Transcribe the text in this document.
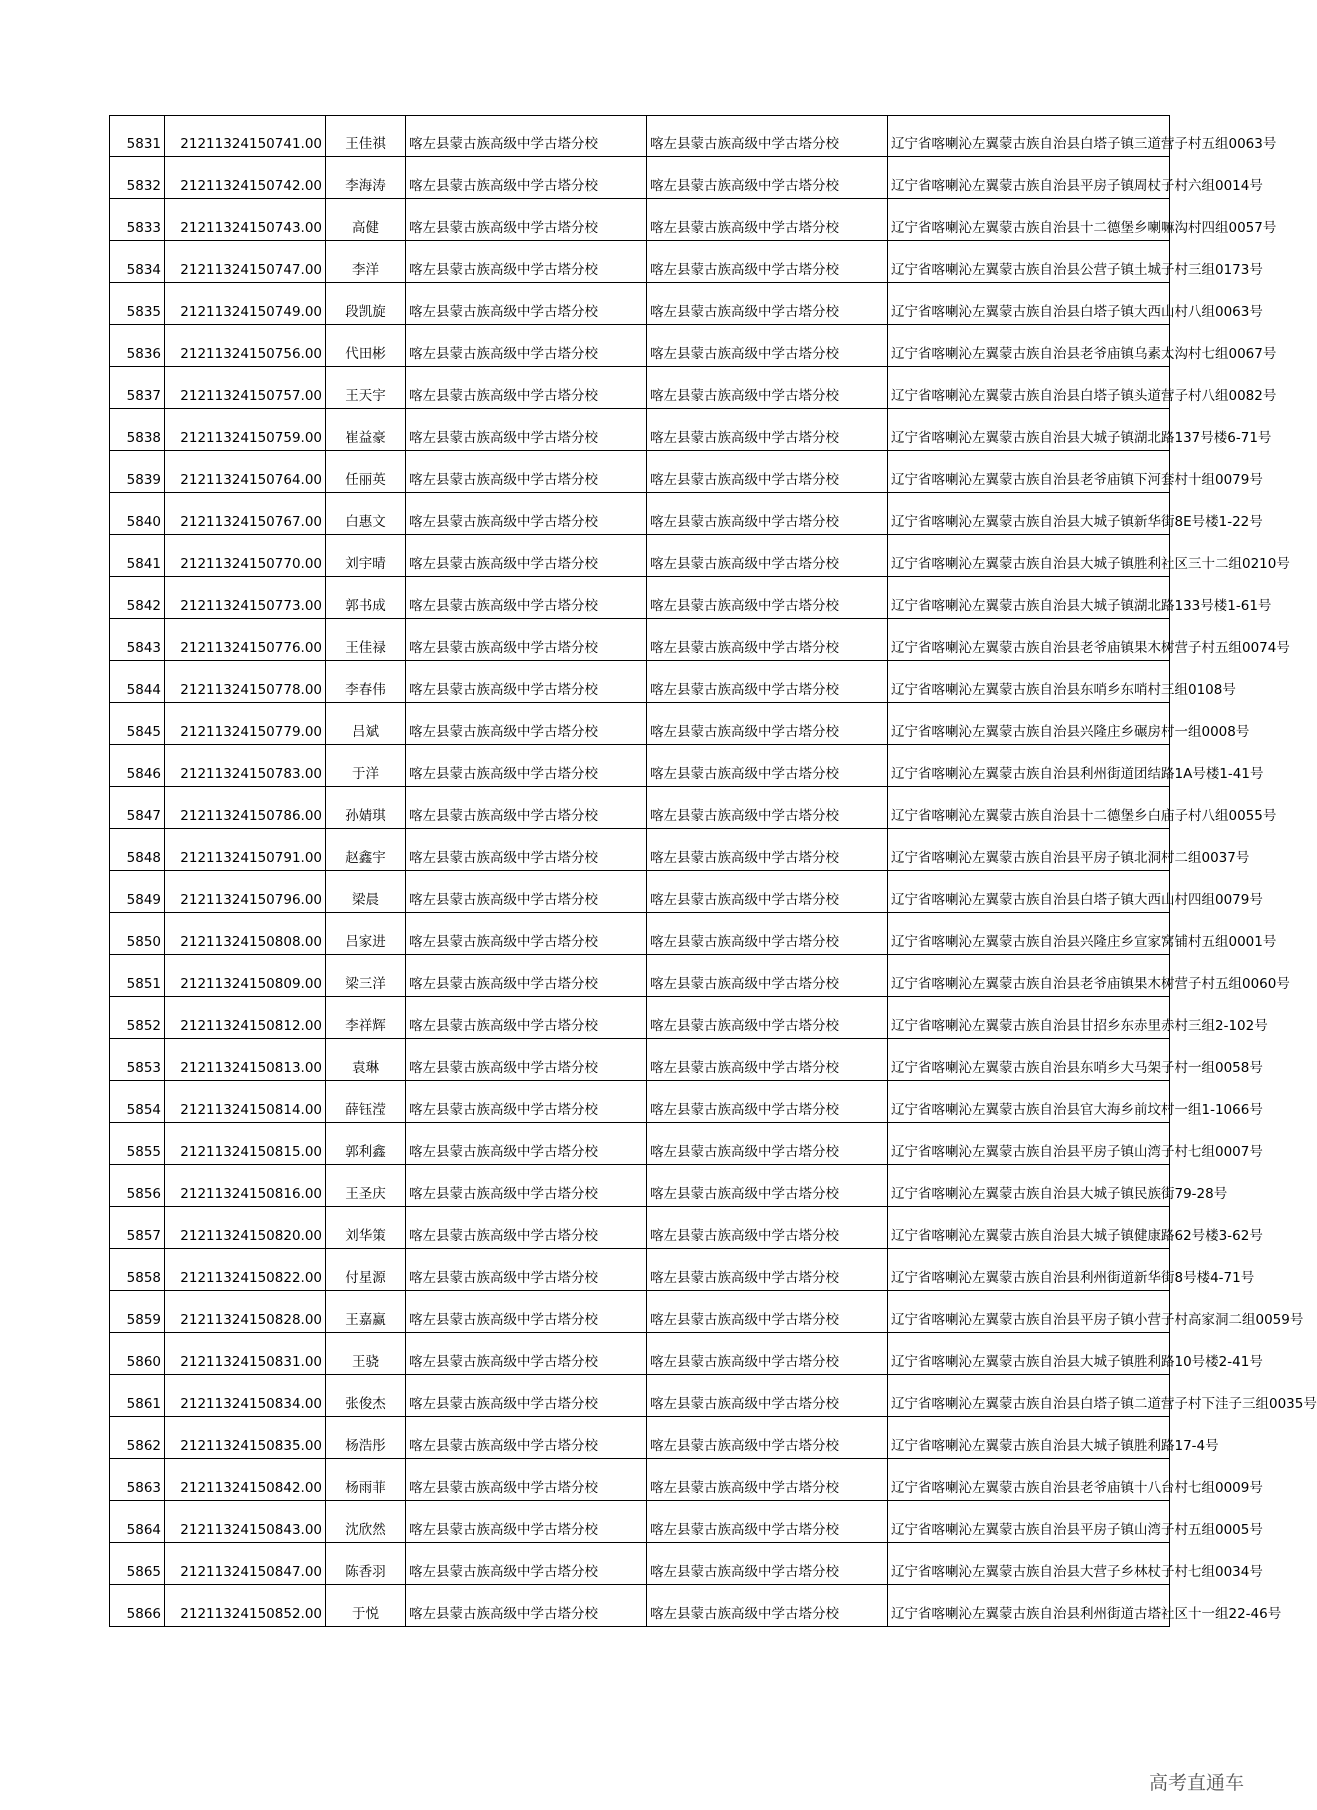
5831	21211324150741.00	王佳祺	喀左县蒙古族高级中学古塔分校	喀左县蒙古族高级中学古塔分校	辽宁省喀喇沁左翼蒙古族自治县白塔子镇三道营子村五组0063号
5832	21211324150742.00	李海涛	喀左县蒙古族高级中学古塔分校	喀左县蒙古族高级中学古塔分校	辽宁省喀喇沁左翼蒙古族自治县平房子镇周杖子村六组0014号
5833	21211324150743.00	高健	喀左县蒙古族高级中学古塔分校	喀左县蒙古族高级中学古塔分校	辽宁省喀喇沁左翼蒙古族自治县十二德堡乡喇嘛沟村四组0057号
5834	21211324150747.00	李洋	喀左县蒙古族高级中学古塔分校	喀左县蒙古族高级中学古塔分校	辽宁省喀喇沁左翼蒙古族自治县公营子镇土城子村三组0173号
5835	21211324150749.00	段凯旋	喀左县蒙古族高级中学古塔分校	喀左县蒙古族高级中学古塔分校	辽宁省喀喇沁左翼蒙古族自治县白塔子镇大西山村八组0063号
5836	21211324150756.00	代田彬	喀左县蒙古族高级中学古塔分校	喀左县蒙古族高级中学古塔分校	辽宁省喀喇沁左翼蒙古族自治县老爷庙镇乌素太沟村七组0067号
5837	21211324150757.00	王天宇	喀左县蒙古族高级中学古塔分校	喀左县蒙古族高级中学古塔分校	辽宁省喀喇沁左翼蒙古族自治县白塔子镇头道营子村八组0082号
5838	21211324150759.00	崔益豪	喀左县蒙古族高级中学古塔分校	喀左县蒙古族高级中学古塔分校	辽宁省喀喇沁左翼蒙古族自治县大城子镇湖北路137号楼6-71号
5839	21211324150764.00	任丽英	喀左县蒙古族高级中学古塔分校	喀左县蒙古族高级中学古塔分校	辽宁省喀喇沁左翼蒙古族自治县老爷庙镇下河套村十组0079号
5840	21211324150767.00	白惠文	喀左县蒙古族高级中学古塔分校	喀左县蒙古族高级中学古塔分校	辽宁省喀喇沁左翼蒙古族自治县大城子镇新华街8E号楼1-22号
5841	21211324150770.00	刘宇晴	喀左县蒙古族高级中学古塔分校	喀左县蒙古族高级中学古塔分校	辽宁省喀喇沁左翼蒙古族自治县大城子镇胜利社区三十二组0210号
5842	21211324150773.00	郭书成	喀左县蒙古族高级中学古塔分校	喀左县蒙古族高级中学古塔分校	辽宁省喀喇沁左翼蒙古族自治县大城子镇湖北路133号楼1-61号
5843	21211324150776.00	王佳禄	喀左县蒙古族高级中学古塔分校	喀左县蒙古族高级中学古塔分校	辽宁省喀喇沁左翼蒙古族自治县老爷庙镇果木树营子村五组0074号
5844	21211324150778.00	李春伟	喀左县蒙古族高级中学古塔分校	喀左县蒙古族高级中学古塔分校	辽宁省喀喇沁左翼蒙古族自治县东哨乡东哨村三组0108号
5845	21211324150779.00	吕斌	喀左县蒙古族高级中学古塔分校	喀左县蒙古族高级中学古塔分校	辽宁省喀喇沁左翼蒙古族自治县兴隆庄乡碾房村一组0008号
5846	21211324150783.00	于洋	喀左县蒙古族高级中学古塔分校	喀左县蒙古族高级中学古塔分校	辽宁省喀喇沁左翼蒙古族自治县利州街道团结路1A号楼1-41号
5847	21211324150786.00	孙婧琪	喀左县蒙古族高级中学古塔分校	喀左县蒙古族高级中学古塔分校	辽宁省喀喇沁左翼蒙古族自治县十二德堡乡白庙子村八组0055号
5848	21211324150791.00	赵鑫宇	喀左县蒙古族高级中学古塔分校	喀左县蒙古族高级中学古塔分校	辽宁省喀喇沁左翼蒙古族自治县平房子镇北洞村二组0037号
5849	21211324150796.00	梁晨	喀左县蒙古族高级中学古塔分校	喀左县蒙古族高级中学古塔分校	辽宁省喀喇沁左翼蒙古族自治县白塔子镇大西山村四组0079号
5850	21211324150808.00	吕家进	喀左县蒙古族高级中学古塔分校	喀左县蒙古族高级中学古塔分校	辽宁省喀喇沁左翼蒙古族自治县兴隆庄乡宣家窝铺村五组0001号
5851	21211324150809.00	梁三洋	喀左县蒙古族高级中学古塔分校	喀左县蒙古族高级中学古塔分校	辽宁省喀喇沁左翼蒙古族自治县老爷庙镇果木树营子村五组0060号
5852	21211324150812.00	李祥辉	喀左县蒙古族高级中学古塔分校	喀左县蒙古族高级中学古塔分校	辽宁省喀喇沁左翼蒙古族自治县甘招乡东赤里赤村三组2-102号
5853	21211324150813.00	袁琳	喀左县蒙古族高级中学古塔分校	喀左县蒙古族高级中学古塔分校	辽宁省喀喇沁左翼蒙古族自治县东哨乡大马架子村一组0058号
5854	21211324150814.00	薛钰滢	喀左县蒙古族高级中学古塔分校	喀左县蒙古族高级中学古塔分校	辽宁省喀喇沁左翼蒙古族自治县官大海乡前坟村一组1-1066号
5855	21211324150815.00	郭利鑫	喀左县蒙古族高级中学古塔分校	喀左县蒙古族高级中学古塔分校	辽宁省喀喇沁左翼蒙古族自治县平房子镇山湾子村七组0007号
5856	21211324150816.00	王圣庆	喀左县蒙古族高级中学古塔分校	喀左县蒙古族高级中学古塔分校	辽宁省喀喇沁左翼蒙古族自治县大城子镇民族街79-28号
5857	21211324150820.00	刘华策	喀左县蒙古族高级中学古塔分校	喀左县蒙古族高级中学古塔分校	辽宁省喀喇沁左翼蒙古族自治县大城子镇健康路62号楼3-62号
5858	21211324150822.00	付星源	喀左县蒙古族高级中学古塔分校	喀左县蒙古族高级中学古塔分校	辽宁省喀喇沁左翼蒙古族自治县利州街道新华街8号楼4-71号
5859	21211324150828.00	王嘉赢	喀左县蒙古族高级中学古塔分校	喀左县蒙古族高级中学古塔分校	辽宁省喀喇沁左翼蒙古族自治县平房子镇小营子村高家洞二组0059号
5860	21211324150831.00	王骁	喀左县蒙古族高级中学古塔分校	喀左县蒙古族高级中学古塔分校	辽宁省喀喇沁左翼蒙古族自治县大城子镇胜利路10号楼2-41号
5861	21211324150834.00	张俊杰	喀左县蒙古族高级中学古塔分校	喀左县蒙古族高级中学古塔分校	辽宁省喀喇沁左翼蒙古族自治县白塔子镇二道营子村下洼子三组0035号
5862	21211324150835.00	杨浩彤	喀左县蒙古族高级中学古塔分校	喀左县蒙古族高级中学古塔分校	辽宁省喀喇沁左翼蒙古族自治县大城子镇胜利路17-4号
5863	21211324150842.00	杨雨菲	喀左县蒙古族高级中学古塔分校	喀左县蒙古族高级中学古塔分校	辽宁省喀喇沁左翼蒙古族自治县老爷庙镇十八台村七组0009号
5864	21211324150843.00	沈欣然	喀左县蒙古族高级中学古塔分校	喀左县蒙古族高级中学古塔分校	辽宁省喀喇沁左翼蒙古族自治县平房子镇山湾子村五组0005号
5865	21211324150847.00	陈香羽	喀左县蒙古族高级中学古塔分校	喀左县蒙古族高级中学古塔分校	辽宁省喀喇沁左翼蒙古族自治县大营子乡林杖子村七组0034号
5866	21211324150852.00	于悦	喀左县蒙古族高级中学古塔分校	喀左县蒙古族高级中学古塔分校	辽宁省喀喇沁左翼蒙古族自治县利州街道古塔社区十一组22-46号
高考直通车
